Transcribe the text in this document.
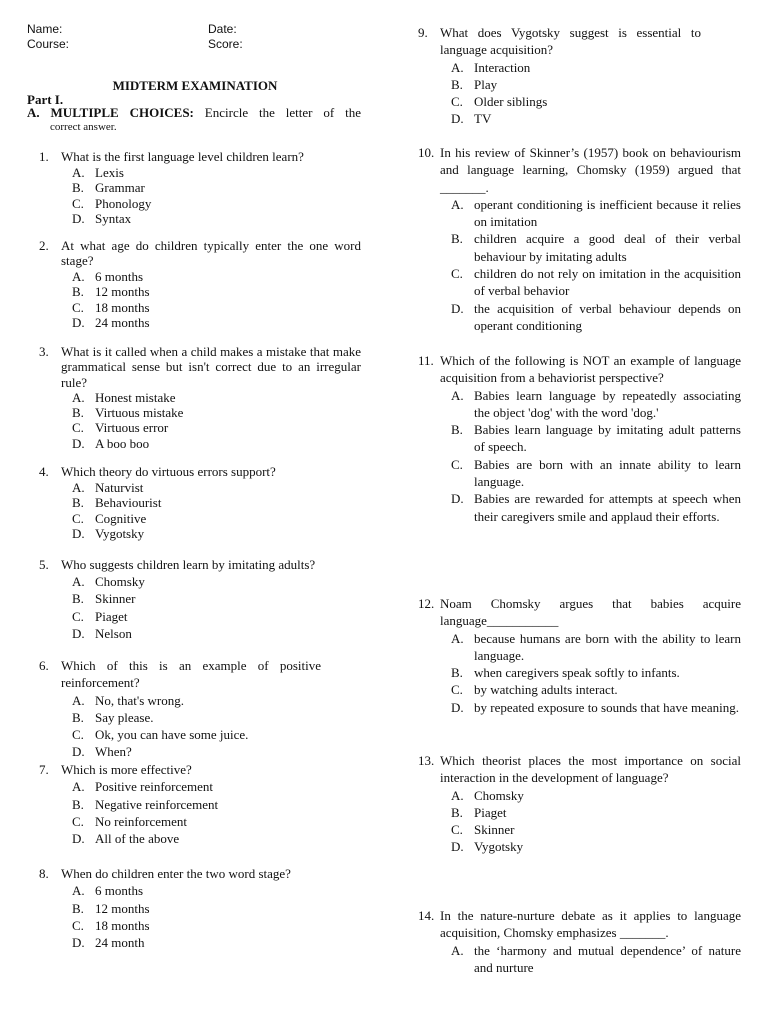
Name:	Date:
Course:	Score:
MIDTERM EXAMINATION
Part I.
A. MULTIPLE CHOICES: Encircle the letter of the
correct answer.
1. What is the first language level children learn?
A. Lexis
B. Grammar
C. Phonology
D. Syntax
2. At what age do children typically enter the one word stage?
A. 6 months
B. 12 months
C. 18 months
D. 24 months
3. What is it called when a child makes a mistake that make grammatical sense but isn't correct due to an irregular rule?
A. Honest mistake
B. Virtuous mistake
C. Virtuous error
D. A boo boo
4. Which theory do virtuous errors support?
A. Naturvist
B. Behaviourist
C. Cognitive
D. Vygotsky
5. Who suggests children learn by imitating adults?
A. Chomsky
B. Skinner
C. Piaget
D. Nelson
6. Which of this is an example of positive reinforcement?
A. No, that's wrong.
B. Say please.
C. Ok, you can have some juice.
D. When?
7. Which is more effective?
A. Positive reinforcement
B. Negative reinforcement
C. No reinforcement
D. All of the above
8. When do children enter the two word stage?
A. 6 months
B. 12 months
C. 18 months
D. 24 month
9. What does Vygotsky suggest is essential to language acquisition?
A. Interaction
B. Play
C. Older siblings
D. TV
10. In his review of Skinner’s (1957) book on behaviourism and language learning, Chomsky (1959) argued that _______.
A. operant conditioning is inefficient because it relies on imitation
B. children acquire a good deal of their verbal behaviour by imitating adults
C. children do not rely on imitation in the acquisition of verbal behavior
D. the acquisition of verbal behaviour depends on operant conditioning
11. Which of the following is NOT an example of language acquisition from a behaviorist perspective?
A. Babies learn language by repeatedly associating the object 'dog' with the word 'dog.'
B. Babies learn language by imitating adult patterns of speech.
C. Babies are born with an innate ability to learn language.
D. Babies are rewarded for attempts at speech when their caregivers smile and applaud their efforts.
12. Noam Chomsky argues that babies acquire language___________
A. because humans are born with the ability to learn language.
B. when caregivers speak softly to infants.
C. by watching adults interact.
D. by repeated exposure to sounds that have meaning.
13. Which theorist places the most importance on social interaction in the development of language?
A. Chomsky
B. Piaget
C. Skinner
D. Vygotsky
14. In the nature-nurture debate as it applies to language acquisition, Chomsky emphasizes _______.
A. the ‘harmony and mutual dependence’ of nature and nurture
